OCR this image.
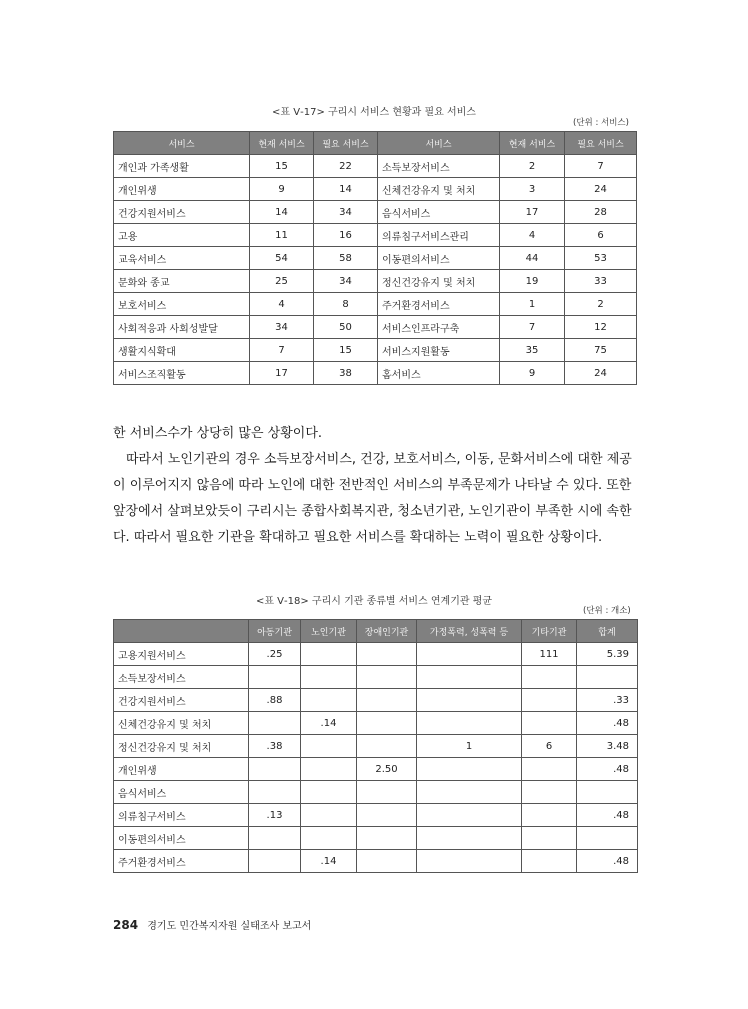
<표 Ⅴ-17> 구리시 서비스 현황과 필요 서비스
(단위 : 서비스)
서비스	현재 서비스	필요 서비스	서비스	현재 서비스	필요 서비스
개인과 가족생활	15	22	소득보장서비스	2	7
개인위생	9	14	신체건강유지 및 처치	3	24
건강지원서비스	14	34	음식서비스	17	28
고용	11	16	의류침구서비스관리	4	6
교육서비스	54	58	이동편의서비스	44	53
문화와 종교	25	34	정신건강유지 및 처치	19	33
보호서비스	4	8	주거환경서비스	1	2
사회적응과 사회성발달	34	50	서비스인프라구축	7	12
생활지식확대	7	15	서비스지원활동	35	75
서비스조직활동	17	38	홈서비스	9	24

한 서비스수가 상당히 많은 상황이다.

따라서 노인기관의 경우 소득보장서비스, 건강, 보호서비스, 이동, 문화서비스에 대한 제공

이 이루어지지 않음에 따라 노인에 대한 전반적인 서비스의 부족문제가 나타날 수 있다. 또한

앞장에서 살펴보았듯이 구리시는 종합사회복지관, 청소년기관, 노인기관이 부족한 시에 속한

다. 따라서 필요한 기관을 확대하고 필요한 서비스를 확대하는 노력이 필요한 상황이다.

<표 Ⅴ-18> 구리시 기관 종류별 서비스 연계기관 평균
(단위 : 개소)
	아동기관	노인기관	장애인기관	가정폭력, 성폭력 등	기타기관	합계
고용지원서비스	.25				111	5.39
소득보장서비스						
건강지원서비스	.88					.33
신체건강유지 및 처치		.14				.48
정신건강유지 및 처치	.38			1	6	3.48
개인위생			2.50			.48
음식서비스						
의류침구서비스	.13					.48
이동편의서비스						
주거환경서비스		.14				.48
284 경기도 민간복지자원 실태조사 보고서
